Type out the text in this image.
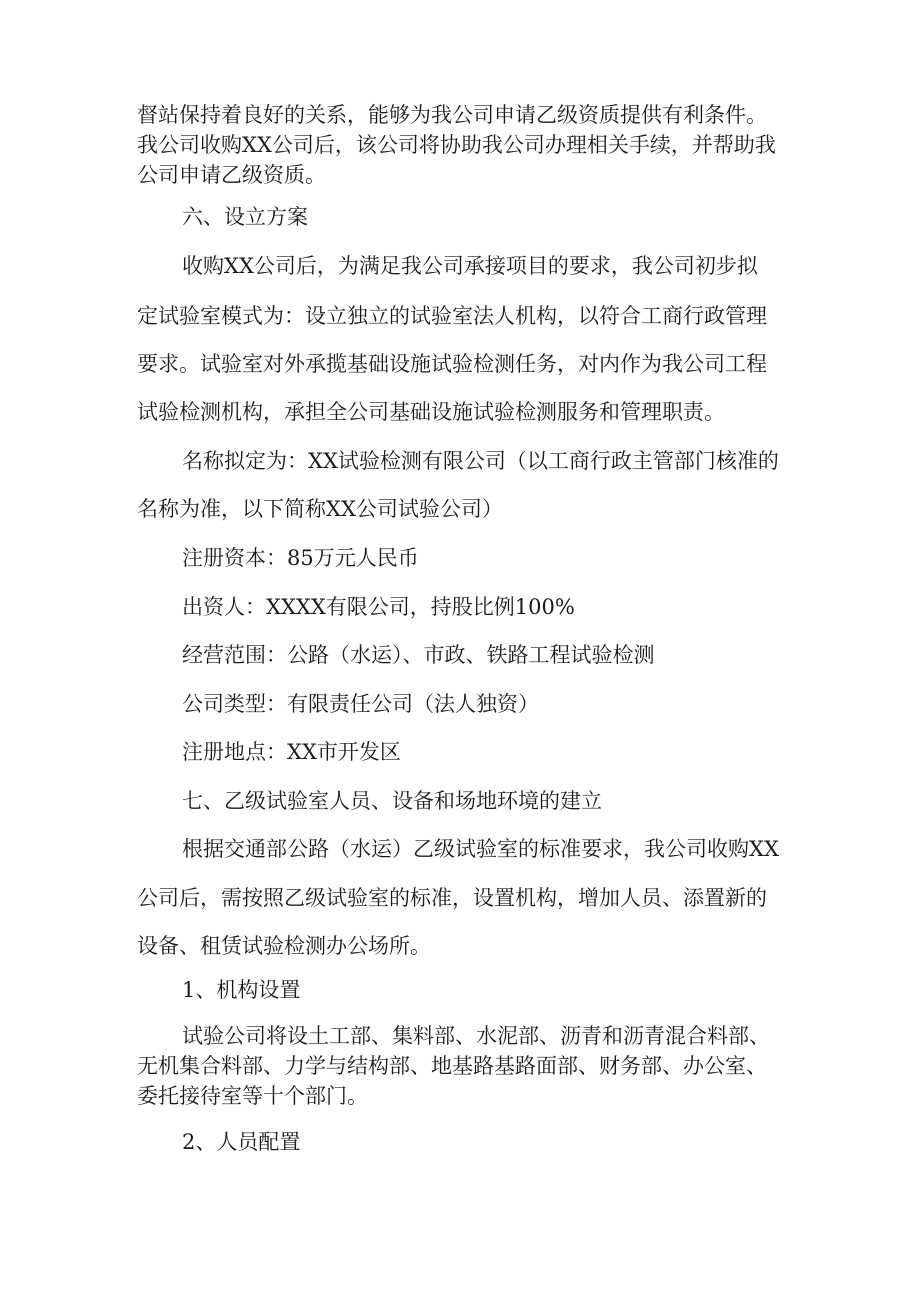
督站保持着良好的关系，能够为我公司申请乙级资质提供有利条件。
我公司收购XX公司后，该公司将协助我公司办理相关手续，并帮助我
公司申请乙级资质。
六、设立方案
收购XX公司后，为满足我公司承接项目的要求，我公司初步拟
定试验室模式为：设立独立的试验室法人机构，以符合工商行政管理
要求。试验室对外承揽基础设施试验检测任务，对内作为我公司工程
试验检测机构，承担全公司基础设施试验检测服务和管理职责。
名称拟定为：XX试验检测有限公司（以工商行政主管部门核准的
名称为准，以下简称XX公司试验公司）
注册资本：85万元人民币
出资人：XXXX有限公司，持股比例100%
经营范围：公路（水运）、市政、铁路工程试验检测
公司类型：有限责任公司（法人独资）
注册地点：XX市开发区
七、乙级试验室人员、设备和场地环境的建立
根据交通部公路（水运）乙级试验室的标准要求，我公司收购XX
公司后，需按照乙级试验室的标准，设置机构，增加人员、添置新的
设备、租赁试验检测办公场所。
1、机构设置
试验公司将设土工部、集料部、水泥部、沥青和沥青混合料部、
无机集合料部、力学与结构部、地基路基路面部、财务部、办公室、
委托接待室等十个部门。
2、人员配置
